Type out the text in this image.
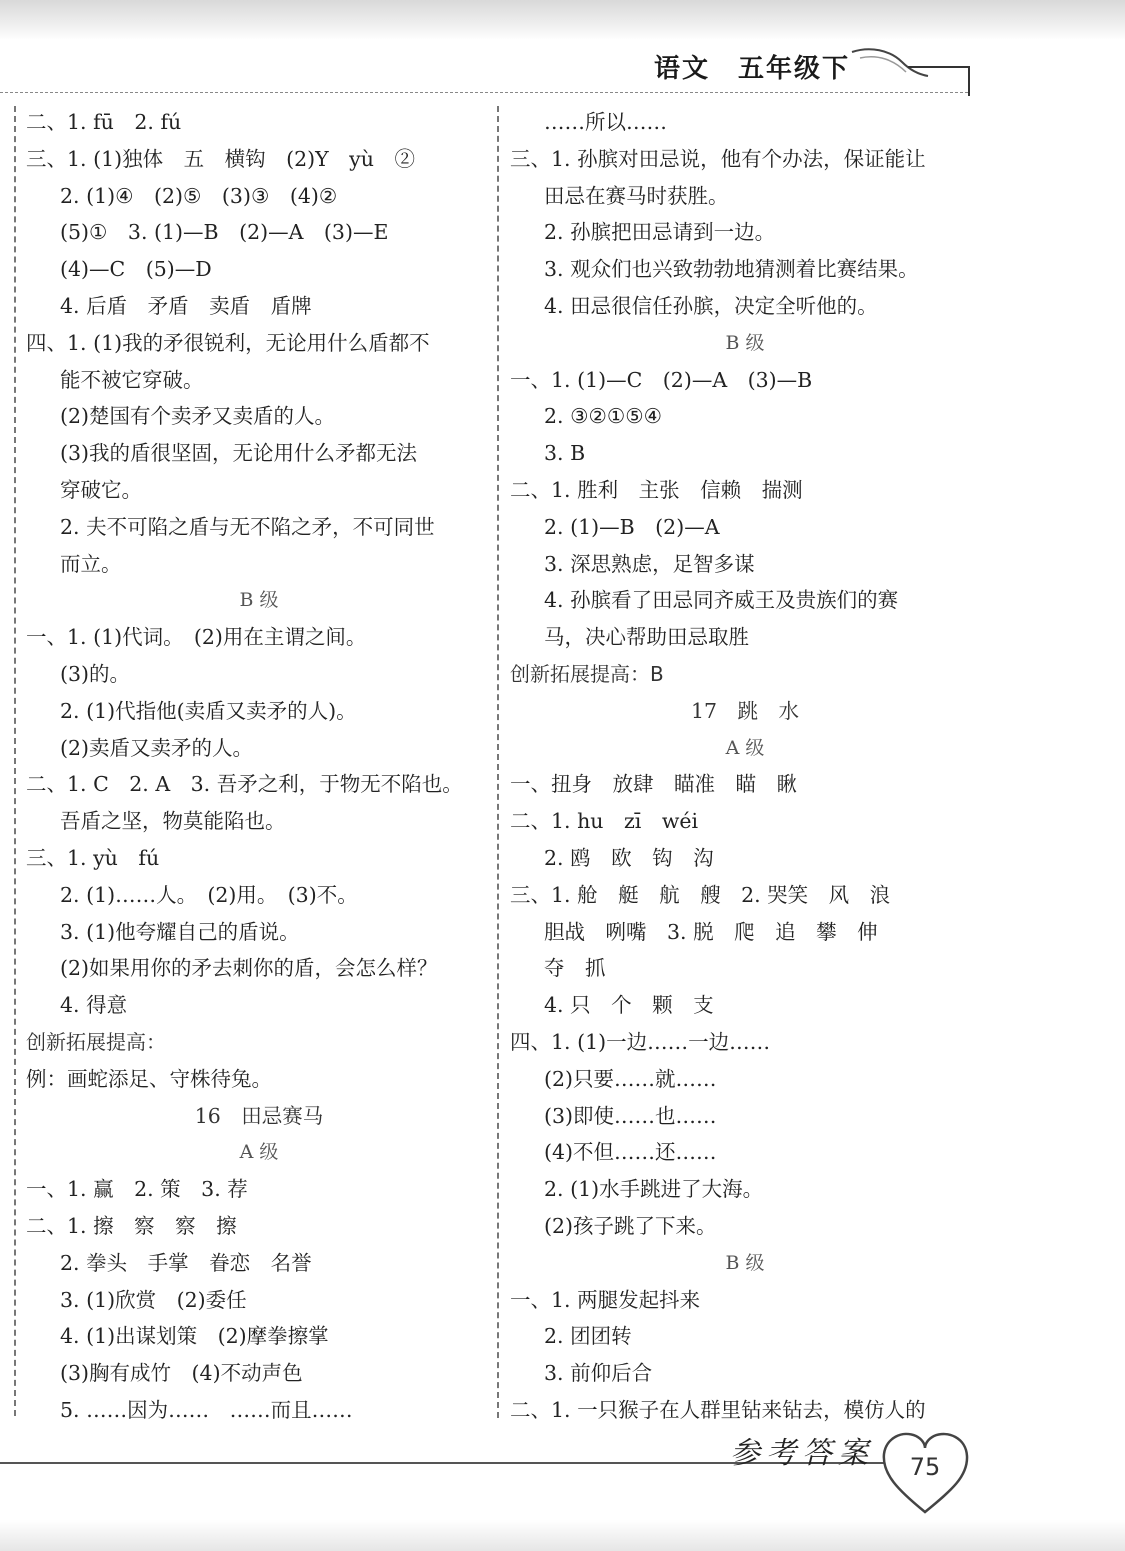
语文　五年级下
二、1. fū　2. fú
三、1. (1)独体　五　横钩　(2)Y　yù　②
2. (1)④　(2)⑤　(3)③　(4)②
(5)①　3. (1)—B　(2)—A　(3)—E
(4)—C　(5)—D
4. 后盾　矛盾　卖盾　盾牌
四、1. (1)我的矛很锐利，无论用什么盾都不
能不被它穿破。
(2)楚国有个卖矛又卖盾的人。
(3)我的盾很坚固，无论用什么矛都无法
穿破它。
2. 夫不可陷之盾与无不陷之矛，不可同世
而立。
B 级
一、1. (1)代词。　(2)用在主谓之间。
(3)的。
2. (1)代指他(卖盾又卖矛的人)。
(2)卖盾又卖矛的人。
二、1. C　2. A　3. 吾矛之利，于物无不陷也。
吾盾之坚，物莫能陷也。
三、1. yù　fú
2. (1)……人。　(2)用。　(3)不。
3. (1)他夸耀自己的盾说。
(2)如果用你的矛去刺你的盾，会怎么样？
4. 得意
创新拓展提高：
例：画蛇添足、守株待兔。
16　田忌赛马
A 级
一、1. 赢　2. 策　3. 荐
二、1. 擦　察　察　擦
2. 拳头　手掌　眷恋　名誉
3. (1)欣赏　(2)委任
4. (1)出谋划策　(2)摩拳擦掌
(3)胸有成竹　(4)不动声色
5. ……因为……　……而且……
……所以……
三、1. 孙膑对田忌说，他有个办法，保证能让
田忌在赛马时获胜。
2. 孙膑把田忌请到一边。
3. 观众们也兴致勃勃地猜测着比赛结果。
4. 田忌很信任孙膑，决定全听他的。
B 级
一、1. (1)—C　(2)—A　(3)—B
2. ③②①⑤④
3. B
二、1. 胜利　主张　信赖　揣测
2. (1)—B　(2)—A
3. 深思熟虑，足智多谋
4. 孙膑看了田忌同齐威王及贵族们的赛
马，决心帮助田忌取胜
创新拓展提高：B
17　跳　水
A 级
一、扭身　放肆　瞄准　瞄　瞅
二、1. hu　zī　wéi
2. 鸥　欧　钩　沟
三、1. 舱　艇　航　艘　2. 哭笑　风　浪
胆战　咧嘴　3. 脱　爬　追　攀　伸
夺　抓
4. 只　个　颗　支
四、1. (1)一边……一边……
(2)只要……就……
(3)即使……也……
(4)不但……还……
2. (1)水手跳进了大海。
(2)孩子跳了下来。
B 级
一、1. 两腿发起抖来
2. 团团转
3. 前仰后合
二、1. 一只猴子在人群里钻来钻去，模仿人的
参考答案	75
